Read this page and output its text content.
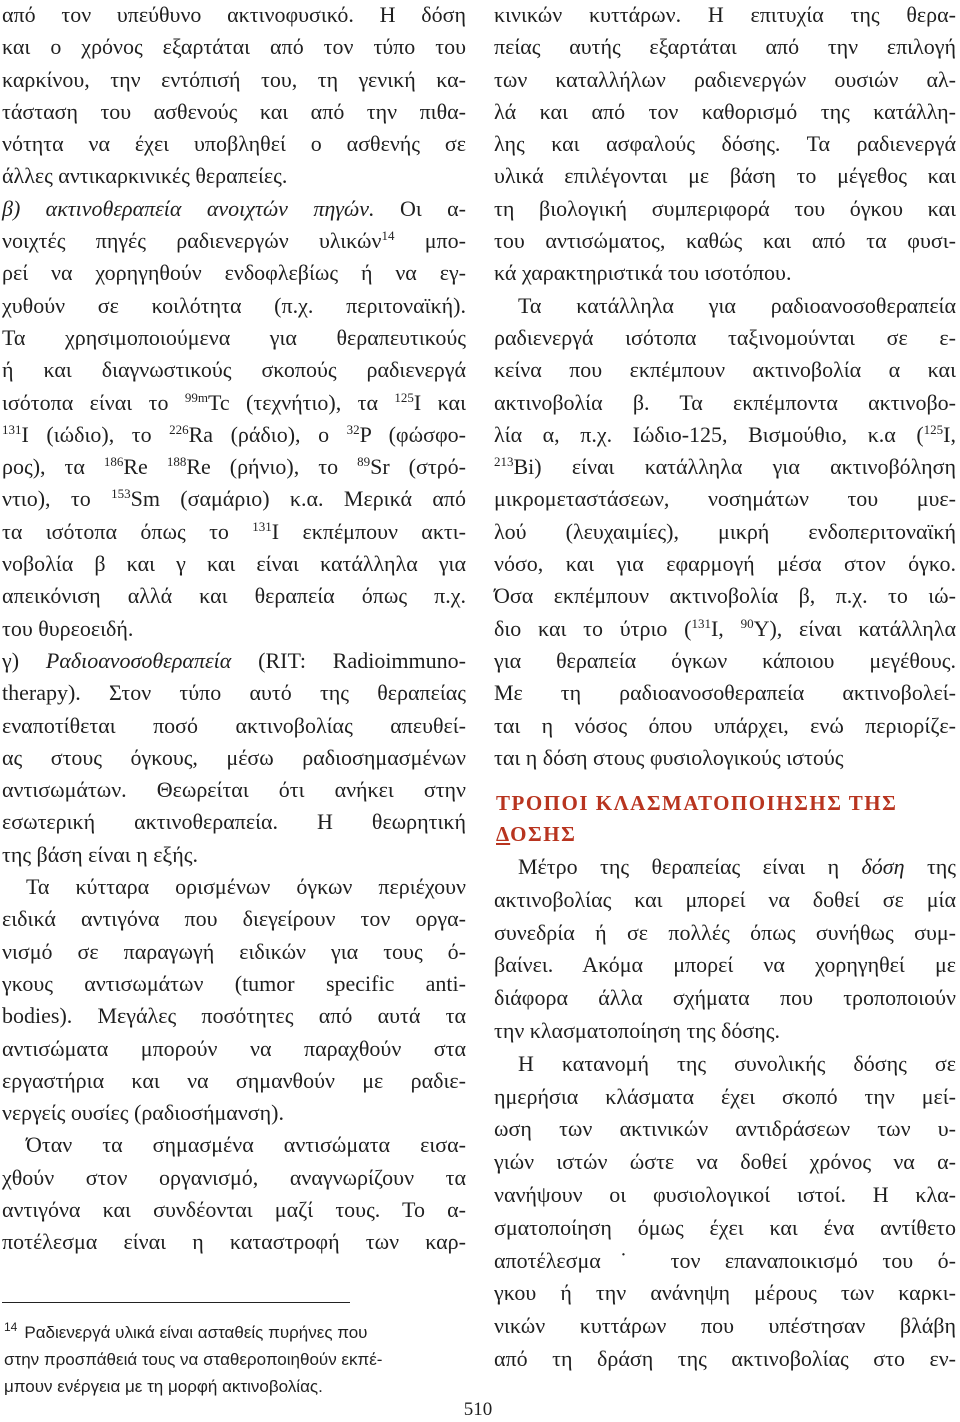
από τον υπεύθυνο ακτινοφυσικό. Η δόση
και ο χρόνος εξαρτάται από τον τύπο του
καρκίνου, την εντόπισή του, τη γενική κα-
τάσταση του ασθενούς και από την πιθα-
νότητα να έχει υποβληθεί ο ασθενής σε
άλλες αντικαρκινικές θεραπείες.
β) ακτινοθεραπεία ανοιχτών πηγών. Οι α-
νοιχτές πηγές ραδιενεργών υλικών$^{14}$ μπο-
ρεί να χορηγηθούν ενδοφλεβίως ή να εγ-
χυθούν σε κοιλότητα (π.χ. περιτοναϊκή).
Τα χρησιμοποιούμενα για θεραπευτικούς
ή και διαγνωστικούς σκοπούς ραδιενεργά
ισότοπα είναι το $^{99m}$Tc (τεχνήτιο), τα $^{125}$I και
$^{131}$I (ιώδιο), το $^{226}$Ra (ράδιο), ο $^{32}$P (φώσφο-
ρος), τα $^{186}$Re $^{188}$Re (ρήνιο), το $^{89}$Sr (στρό-
ντιο), το $^{153}$Sm (σαμάριο) κ.α. Μερικά από
τα ισότοπα όπως το $^{131}$I εκπέμπουν ακτι-
νοβολία β και γ και είναι κατάλληλα για
απεικόνιση αλλά και θεραπεία όπως π.χ.
του θυρεοειδή.
γ) Ραδιοανοσοθεραπεία (RIT: Radioimmuno-
therapy). Στον τύπο αυτό της θεραπείας
εναποτίθεται ποσό ακτινοβολίας απευθεί-
ας στους όγκους, μέσω ραδιοσημασμένων
αντισωμάτων. Θεωρείται ότι ανήκει στην
εσωτερική ακτινοθεραπεία. Η θεωρητική
της βάση είναι η εξής.
Τα κύτταρα ορισμένων όγκων περιέχουν
ειδικά αντιγόνα που διεγείρουν τον οργα-
νισμό σε παραγωγή ειδικών για τους ό-
γκους αντισωμάτων (tumor specific anti-
bodies). Μεγάλες ποσότητες από αυτά τα
αντισώματα μπορούν να παραχθούν στα
εργαστήρια και να σημανθούν με ραδιε-
νεργείς ουσίες (ραδιοσήμανση).
Όταν τα σημασμένα αντισώματα εισα-
χθούν στον οργανισμό, αναγνωρίζουν τα
αντιγόνα και συνδέονται μαζί τους. Το α-
ποτέλεσμα είναι η καταστροφή των καρ-
κινικών κυττάρων. Η επιτυχία της θερα-
πείας αυτής εξαρτάται από την επιλογή
των καταλλήλων ραδιενεργών ουσιών αλ-
λά και από τον καθορισμό της κατάλλη-
λης και ασφαλούς δόσης. Τα ραδιενεργά
υλικά επιλέγονται με βάση το μέγεθος και
τη βιολογική συμπεριφορά του όγκου και
του αντισώματος, καθώς και από τα φυσι-
κά χαρακτηριστικά του ισοτόπου.
Τα κατάλληλα για ραδιοανοσοθεραπεία
ραδιενεργά ισότοπα ταξινομούνται σε ε-
κείνα που εκπέμπουν ακτινοβολία α και
ακτινοβολία β. Τα εκπέμποντα ακτινοβο-
λία α, π.χ. Ιώδιο-125, Βισμούθιο, κ.α ($^{125}$I,
$^{213}$Bi) είναι κατάλληλα για ακτινοβόληση
μικρομεταστάσεων, νοσημάτων του μυε-
λού (λευχαιμίες), μικρή ενδοπεριτοναϊκή
νόσο, και για εφαρμογή μέσα στον όγκο.
Όσα εκπέμπουν ακτινοβολία β, π.χ. το ιώ-
διο και το ύτριο ($^{131}$I, $^{90}$Υ), είναι κατάλληλα
για θεραπεία όγκων κάποιου μεγέθους.
Με τη ραδιοανοσοθεραπεία ακτινοβολεί-
ται η νόσος όπου υπάρχει, ενώ περιορίζε-
ται η δόση στους φυσιολογικούς ιστούς
ΤΡΟΠΟΙ ΚΛΑΣΜΑΤΟΠΟΙΗΣΗΣ ΤΗΣ
ΔΟΣΗΣ
Μέτρο της θεραπείας είναι η δόση της
ακτινοβολίας και μπορεί να δοθεί σε μία
συνεδρία ή σε πολλές όπως συνήθως συμ-
βαίνει. Ακόμα μπορεί να χορηγηθεί με
διάφορα άλλα σχήματα που τροποποιούν
την κλασματοποίηση της δόσης.
Η κατανομή της συνολικής δόσης σε
ημερήσια κλάσματα έχει σκοπό την μεί-
ωση των ακτινικών αντιδράσεων των υ-
γιών ιστών ώστε να δοθεί χρόνος να α-
νανήψουν οι φυσιολογικοί ιστοί. Η κλα-
σματοποίηση όμως έχει και ένα αντίθετο
αποτέλεσμα˙ τον επαναποικισμό του ό-
γκου ή την ανάνηψη μέρους των καρκι-
νικών κυττάρων που υπέστησαν βλάβη
από τη δράση της ακτινοβολίας στο εν-
$^{14}$ Ραδιενεργά υλικά είναι ασταθείς πυρήνες που
στην προσπάθειά τους να σταθεροποιηθούν εκπέ-
μπουν ενέργεια με τη μορφή ακτινοβολίας.
510
